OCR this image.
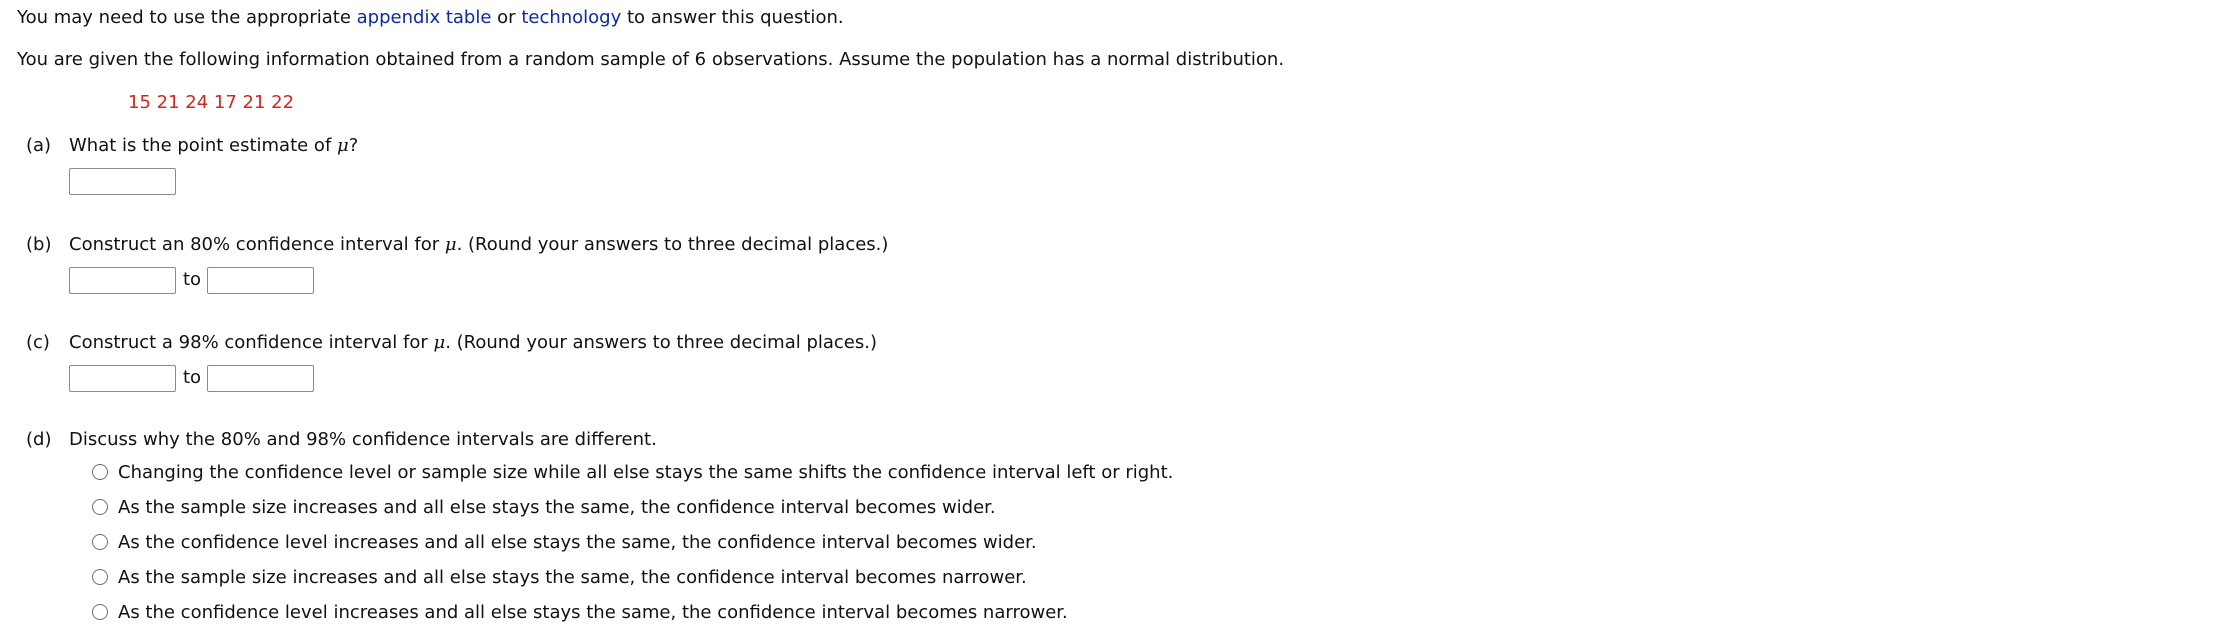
You may need to use the appropriate appendix table or technology to answer this question.
You are given the following information obtained from a random sample of 6 observations. Assume the population has a normal distribution.
15 21 24 17 21 22
(a) What is the point estimate of μ?
(b) Construct an 80% confidence interval for μ. (Round your answers to three decimal places.)
to
(c) Construct a 98% confidence interval for μ. (Round your answers to three decimal places.)
to
(d) Discuss why the 80% and 98% confidence intervals are different.
Changing the confidence level or sample size while all else stays the same shifts the confidence interval left or right.
As the sample size increases and all else stays the same, the confidence interval becomes wider.
As the confidence level increases and all else stays the same, the confidence interval becomes wider.
As the sample size increases and all else stays the same, the confidence interval becomes narrower.
As the confidence level increases and all else stays the same, the confidence interval becomes narrower.
